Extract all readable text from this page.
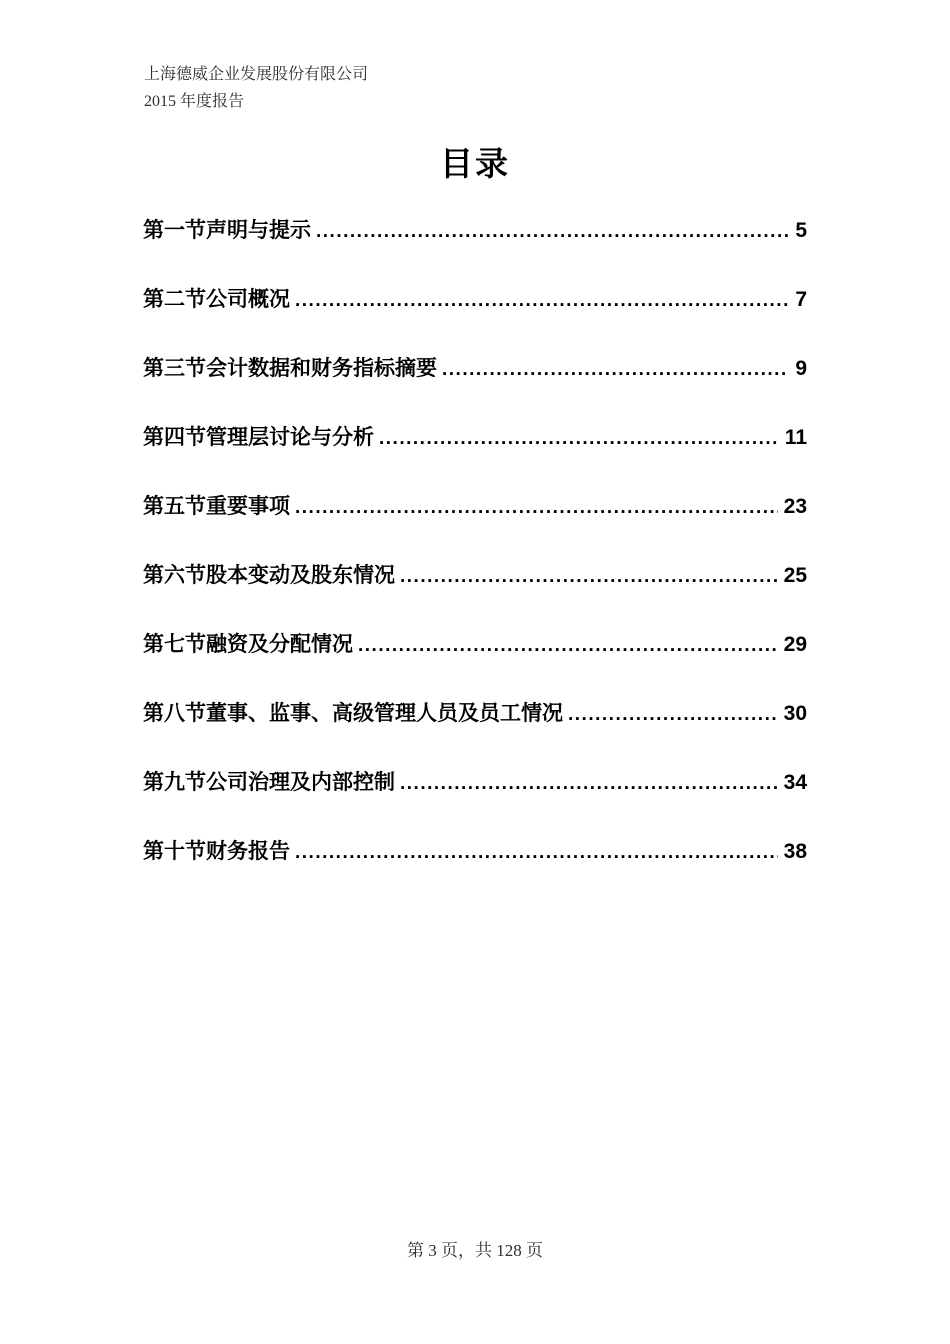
上海德威企业发展股份有限公司
2015 年度报告
目录
第一节声明与提示 .....	5
第二节公司概况 .....	7
第三节会计数据和财务指标摘要 .....	9
第四节管理层讨论与分析 .....	11
第五节重要事项 .....	23
第六节股本变动及股东情况 .....	25
第七节融资及分配情况 .....	29
第八节董事、监事、高级管理人员及员工情况 .....	30
第九节公司治理及内部控制 .....	34
第十节财务报告 .....	38
第 3 页，共 128 页
